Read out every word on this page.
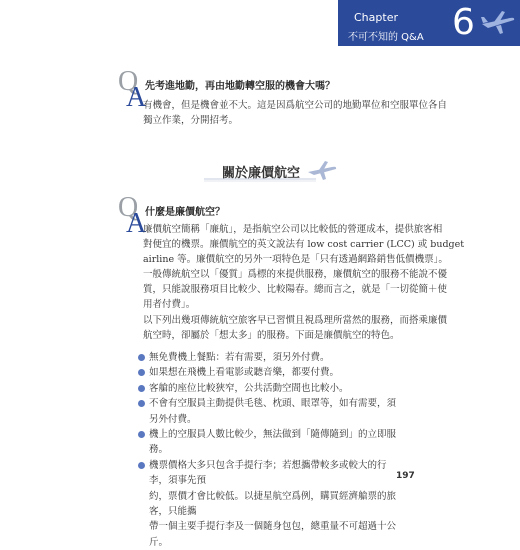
Chapter
不可不知的 Q&A 6
Q
A
先考進地勤，再由地勤轉空服的機會大嗎？
有機會，但是機會並不大。這是因爲航空公司的地勤單位和空服單位各自
獨立作業，分開招考。
關於廉價航空
Q
A
什麼是廉價航空？
廉價航空簡稱「廉航」，是指航空公司以比較低的營運成本，提供旅客相
對便宜的機票。廉價航空的英文說法有 low cost carrier (LCC) 或 budget
airline 等。廉價航空的另外一項特色是「只有透過網路銷售低價機票」。
一般傳統航空以「優質」爲標的來提供服務，廉價航空的服務不能說不優
質，只能說服務項目比較少、比較陽春。總而言之，就是「一切從簡＋使
用者付費」。
以下列出幾項傳統航空旅客早已習慣且視爲理所當然的服務，而搭乘廉價
航空時，卻屬於「想太多」的服務。下面是廉價航空的特色。
無免費機上餐點：若有需要，須另外付費。
如果想在飛機上看電影或聽音樂，都要付費。
客艙的座位比較狹窄，公共活動空間也比較小。
不會有空服員主動提供毛毯、枕頭、眼罩等，如有需要，須另外付費。
機上的空服員人數比較少，無法做到「隨傳隨到」的立即服務。
機票價格大多只包含手提行李；若想攜帶較多或較大的行李，須事先預
約，票價才會比較低。以捷星航空爲例，購買經濟艙票的旅客，只能攜
帶一個主要手提行李及一個隨身包包，總重量不可超過十公斤。
197
